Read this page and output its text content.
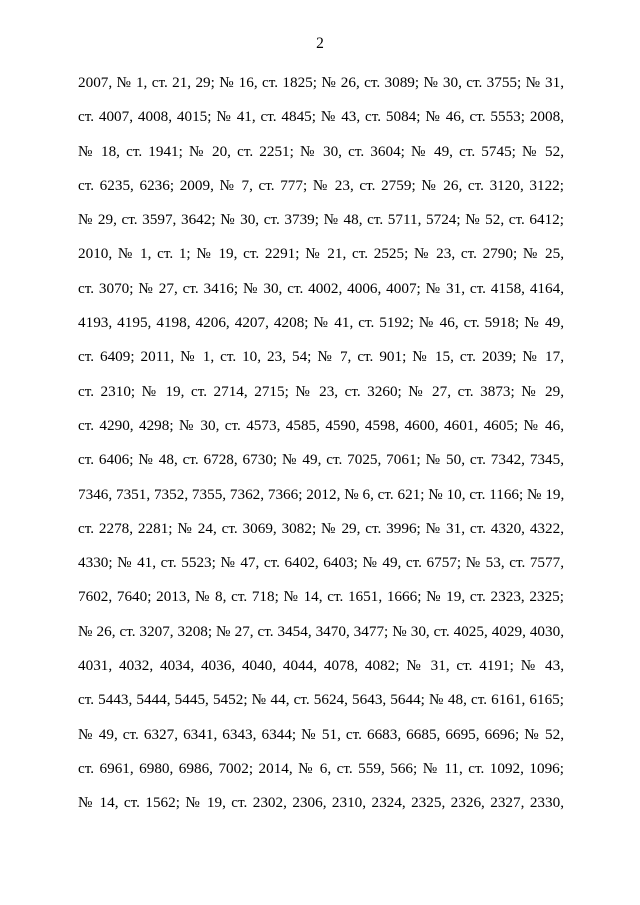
2
2007, № 1, ст. 21, 29; № 16, ст. 1825; № 26, ст. 3089; № 30, ст. 3755; № 31,
ст. 4007, 4008, 4015; № 41, ст. 4845; № 43, ст. 5084; № 46, ст. 5553; 2008,
№ 18, ст. 1941; № 20, ст. 2251; № 30, ст. 3604; № 49, ст. 5745; № 52,
ст. 6235, 6236; 2009, № 7, ст. 777; № 23, ст. 2759; № 26, ст. 3120, 3122;
№ 29, ст. 3597, 3642; № 30, ст. 3739; № 48, ст. 5711, 5724; № 52, ст. 6412;
2010, № 1, ст. 1; № 19, ст. 2291; № 21, ст. 2525; № 23, ст. 2790; № 25,
ст. 3070; № 27, ст. 3416; № 30, ст. 4002, 4006, 4007; № 31, ст. 4158, 4164,
4193, 4195, 4198, 4206, 4207, 4208; № 41, ст. 5192; № 46, ст. 5918; № 49,
ст. 6409; 2011, № 1, ст. 10, 23, 54; № 7, ст. 901; № 15, ст. 2039; № 17,
ст. 2310; № 19, ст. 2714, 2715; № 23, ст. 3260; № 27, ст. 3873; № 29,
ст. 4290, 4298; № 30, ст. 4573, 4585, 4590, 4598, 4600, 4601, 4605; № 46,
ст. 6406; № 48, ст. 6728, 6730; № 49, ст. 7025, 7061; № 50, ст. 7342, 7345,
7346, 7351, 7352, 7355, 7362, 7366; 2012, № 6, ст. 621; № 10, ст. 1166; № 19,
ст. 2278, 2281; № 24, ст. 3069, 3082; № 29, ст. 3996; № 31, ст. 4320, 4322,
4330; № 41, ст. 5523; № 47, ст. 6402, 6403; № 49, ст. 6757; № 53, ст. 7577,
7602, 7640; 2013, № 8, ст. 718; № 14, ст. 1651, 1666; № 19, ст. 2323, 2325;
№ 26, ст. 3207, 3208; № 27, ст. 3454, 3470, 3477; № 30, ст. 4025, 4029, 4030,
4031, 4032, 4034, 4036, 4040, 4044, 4078, 4082; № 31, ст. 4191; № 43,
ст. 5443, 5444, 5445, 5452; № 44, ст. 5624, 5643, 5644; № 48, ст. 6161, 6165;
№ 49, ст. 6327, 6341, 6343, 6344; № 51, ст. 6683, 6685, 6695, 6696; № 52,
ст. 6961, 6980, 6986, 7002; 2014, № 6, ст. 559, 566; № 11, ст. 1092, 1096;
№ 14, ст. 1562; № 19, ст. 2302, 2306, 2310, 2324, 2325, 2326, 2327, 2330,
